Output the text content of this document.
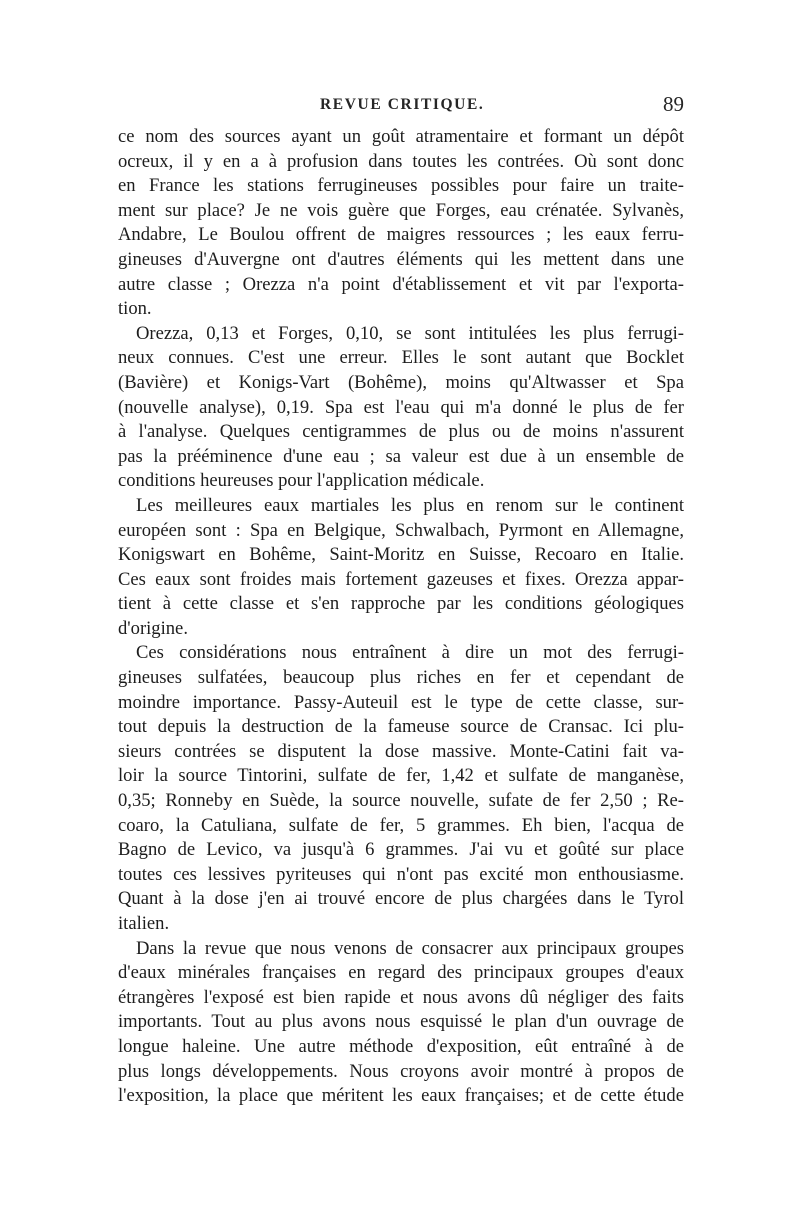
REVUE CRITIQUE.	89
ce nom des sources ayant un goût atramentaire et formant un dépôt
ocreux, il y en a à profusion dans toutes les contrées. Où sont donc
en France les stations ferrugineuses possibles pour faire un traite-
ment sur place? Je ne vois guère que Forges, eau crénatée. Sylvanès,
Andabre, Le Boulou offrent de maigres ressources ; les eaux ferru-
gineuses d'Auvergne ont d'autres éléments qui les mettent dans une
autre classe ; Orezza n'a point d'établissement et vit par l'exporta-
tion.
Orezza, 0,13 et Forges, 0,10, se sont intitulées les plus ferrugi-
neux connues. C'est une erreur. Elles le sont autant que Bocklet
(Bavière) et Konigs-Vart (Bohême), moins qu'Altwasser et Spa
(nouvelle analyse), 0,19. Spa est l'eau qui m'a donné le plus de fer
à l'analyse. Quelques centigrammes de plus ou de moins n'assurent
pas la prééminence d'une eau ; sa valeur est due à un ensemble de
conditions heureuses pour l'application médicale.
Les meilleures eaux martiales les plus en renom sur le continent
européen sont : Spa en Belgique, Schwalbach, Pyrmont en Allemagne,
Konigswart en Bohême, Saint-Moritz en Suisse, Recoaro en Italie.
Ces eaux sont froides mais fortement gazeuses et fixes. Orezza appar-
tient à cette classe et s'en rapproche par les conditions géologiques
d'origine.
Ces considérations nous entraînent à dire un mot des ferrugi-
gineuses sulfatées, beaucoup plus riches en fer et cependant de
moindre importance. Passy-Auteuil est le type de cette classe, sur-
tout depuis la destruction de la fameuse source de Cransac. Ici plu-
sieurs contrées se disputent la dose massive. Monte-Catini fait va-
loir la source Tintorini, sulfate de fer, 1,42 et sulfate de manganèse,
0,35; Ronneby en Suède, la source nouvelle, sufate de fer 2,50 ; Re-
coaro, la Catuliana, sulfate de fer, 5 grammes. Eh bien, l'acqua de
Bagno de Levico, va jusqu'à 6 grammes. J'ai vu et goûté sur place
toutes ces lessives pyriteuses qui n'ont pas excité mon enthousiasme.
Quant à la dose j'en ai trouvé encore de plus chargées dans le Tyrol
italien.
Dans la revue que nous venons de consacrer aux principaux groupes
d'eaux minérales françaises en regard des principaux groupes d'eaux
étrangères l'exposé est bien rapide et nous avons dû négliger des faits
importants. Tout au plus avons nous esquissé le plan d'un ouvrage de
longue haleine. Une autre méthode d'exposition, eût entraîné à de
plus longs développements. Nous croyons avoir montré à propos de
l'exposition, la place que méritent les eaux françaises; et de cette étude
